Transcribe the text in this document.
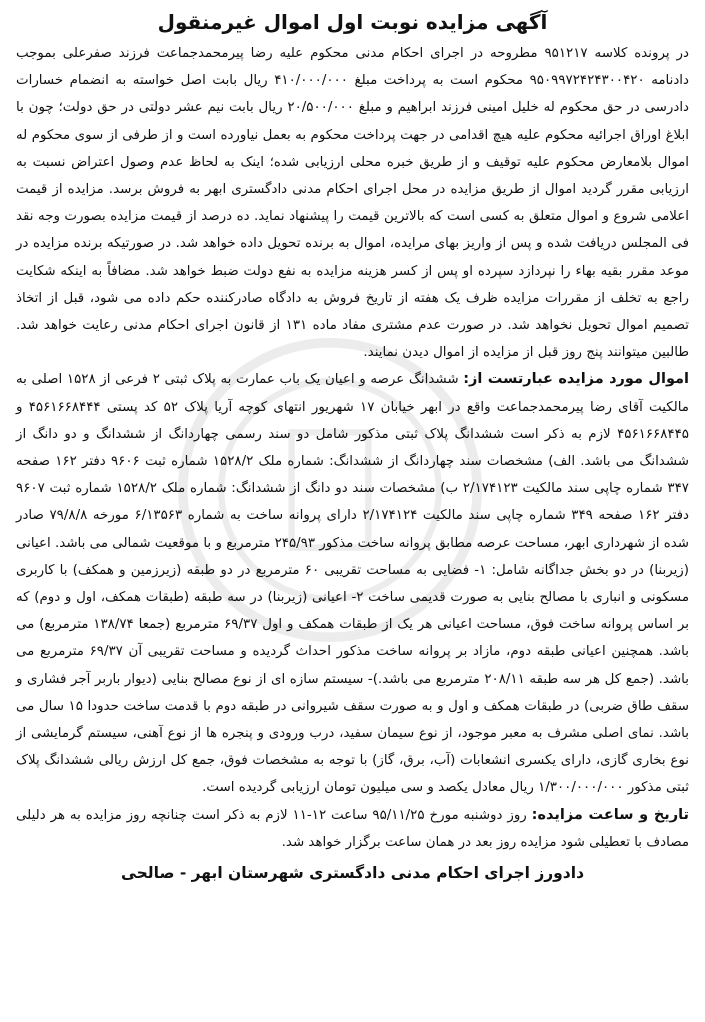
آگهی مزایده نوبت اول اموال غیرمنقول

در پرونده کلاسه ۹۵۱۲۱۷ مطروحه در اجرای احکام مدنی محکوم علیه رضا پیرمحمدجماعت فرزند صفرعلی بموجب دادنامه ۹۵۰۹۹۷۲۴۲۴۳۰۰۴۲۰ محکوم است به پرداخت مبلغ ۴۱۰/۰۰۰/۰۰۰ ریال بابت اصل خواسته به انضمام خسارات دادرسی در حق محکوم له خلیل امینی فرزند ابراهیم و مبلغ ۲۰/۵۰۰/۰۰۰ ریال بابت نیم عشر دولتی در حق دولت؛ چون با ابلاغ اوراق اجرائیه محکوم علیه هیچ اقدامی در جهت پرداخت محکوم به بعمل نیاورده است و از طرفی از سوی محکوم له اموال بلامعارض محکوم علیه توقیف و از طریق خبره محلی ارزیابی شده؛ اینک به لحاظ عدم وصول اعتراض نسبت به ارزیابی مقرر گردید اموال از طریق مزایده در محل اجرای احکام مدنی دادگستری ابهر به فروش برسد. مزایده از قیمت اعلامی شروع و اموال متعلق به کسی است که بالاترین قیمت را پیشنهاد نماید. ده درصد از قیمت مزایده بصورت وجه نقد فی المجلس دریافت شده و پس از واریز بهای مرایده، اموال به برنده تحویل داده خواهد شد. در صورتیکه برنده مزایده در موعد مقرر بقیه بهاء را نپردازد سپرده او پس از کسر هزینه مزایده به نفع دولت ضبط خواهد شد. مضافاً به اینکه شکایت راجع به تخلف از مقررات مزایده ظرف یک هفته از تاریخ فروش به دادگاه صادرکننده حکم داده می شود، قبل از اتخاذ تصمیم اموال تحویل نخواهد شد. در صورت عدم مشتری مفاد ماده ۱۳۱ از قانون اجرای احکام مدنی رعایت خواهد شد. طالبین میتوانند پنج روز قبل از مزایده از اموال دیدن نمایند.

اموال مورد مزایده عبارتست از: ششدانگ عرصه و اعیان یک باب عمارت به پلاک ثبتی ۲ فرعی از ۱۵۲۸ اصلی به مالکیت آقای رضا پیرمحمدجماعت واقع در ابهر خیابان ۱۷ شهریور انتهای کوچه آریا پلاک ۵۲ کد پستی ۴۵۶۱۶۶۸۴۴۴ و ۴۵۶۱۶۶۸۴۴۵ لازم به ذکر است ششدانگ پلاک ثبتی مذکور شامل دو سند رسمی چهاردانگ از ششدانگ و دو دانگ از ششدانگ می باشد. الف) مشخصات سند چهاردانگ از ششدانگ: شماره ملک ۱۵۲۸/۲ شماره ثبت ۹۶۰۶ دفتر ۱۶۲ صفحه ۳۴۷ شماره چاپی سند مالکیت ۲/۱۷۴۱۲۳ ب) مشخصات سند دو دانگ از ششدانگ: شماره ملک ۱۵۲۸/۲ شماره ثبت ۹۶۰۷ دفتر ۱۶۲ صفحه ۳۴۹ شماره چاپی سند مالکیت ۲/۱۷۴۱۲۴ دارای پروانه ساخت به شماره ۶/۱۳۵۶۳ مورخه ۷۹/۸/۸ صادر شده از شهرداری ابهر، مساحت عرصه مطابق پروانه ساخت مذکور ۲۴۵/۹۳ مترمربع و با موقعیت شمالی می باشد. اعیانی (زیربنا) در دو بخش جداگانه شامل: ۱- فضایی به مساحت تقریبی ۶۰ مترمربع در دو طبقه (زیرزمین و همکف) با کاربری مسکونی و انباری با مصالح بنایی به صورت قدیمی ساخت ۲- اعیانی (زیربنا) در سه طبقه (طبقات همکف، اول و دوم) که بر اساس پروانه ساخت فوق، مساحت اعیانی هر یک از طبقات همکف و اول ۶۹/۳۷ مترمربع (جمعا ۱۳۸/۷۴ مترمربع) می باشد. همچنین اعیانی طبقه دوم، مازاد بر پروانه ساخت مذکور احداث گردیده و مساحت تقریبی آن ۶۹/۳۷ مترمربع می باشد. (جمع کل هر سه طبقه ۲۰۸/۱۱ مترمربع می باشد.)- سیستم سازه ای از نوع مصالح بنایی (دیوار باربر آجر فشاری و سقف طاق ضربی) در طبقات همکف و اول و به صورت سقف شیروانی در طبقه دوم با قدمت ساخت حدودا ۱۵ سال می باشد. نمای اصلی مشرف به معبر موجود، از نوع سیمان سفید، درب ورودی و پنجره ها از نوع آهنی، سیستم گرمایشی از نوع بخاری گازی، دارای یکسری انشعابات (آب، برق، گاز) با توجه به مشخصات فوق، جمع کل ارزش ریالی ششدانگ پلاک ثبتی مذکور ۱/۳۰۰/۰۰۰/۰۰۰ ریال معادل یکصد و سی میلیون تومان ارزیابی گردیده است.

تاریخ و ساعت مزایده: روز دوشنبه مورخ ۹۵/۱۱/۲۵ ساعت ۱۲-۱۱ لازم به ذکر است چنانچه روز مزایده به هر دلیلی مصادف با تعطیلی شود مزایده روز بعد در همان ساعت برگزار خواهد شد.

دادورز اجرای احکام مدنی دادگستری شهرستان ابهر - صالحی
